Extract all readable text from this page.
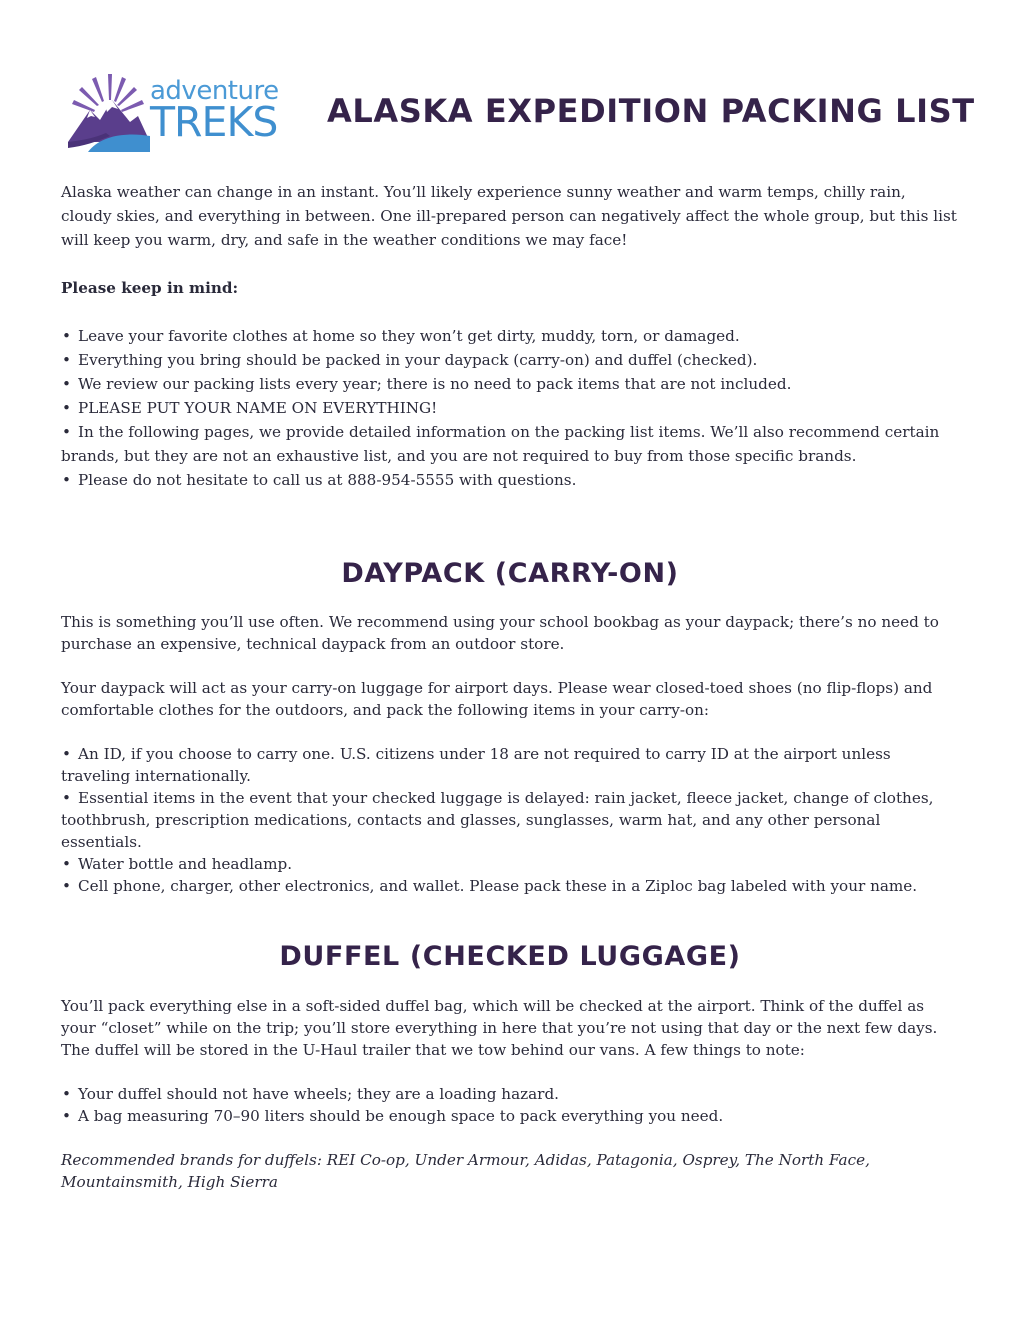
adventure
TREKS ALASKA EXPEDITION PACKING LIST
Alaska weather can change in an instant. You’ll likely experience sunny weather and warm temps, chilly rain, cloudy skies, and everything in between. One ill-prepared person can negatively affect the whole group, but this list will keep you warm, dry, and safe in the weather conditions we may face!
Please keep in mind:
• Leave your favorite clothes at home so they won’t get dirty, muddy, torn, or damaged.
• Everything you bring should be packed in your daypack (carry-on) and duffel (checked).
• We review our packing lists every year; there is no need to pack items that are not included.
• PLEASE PUT YOUR NAME ON EVERYTHING!
• In the following pages, we provide detailed information on the packing list items. We’ll also recommend certain brands, but they are not an exhaustive list, and you are not required to buy from those specific brands.
• Please do not hesitate to call us at 888-954-5555 with questions.
DAYPACK (CARRY-ON)
This is something you’ll use often. We recommend using your school bookbag as your daypack; there’s no need to purchase an expensive, technical daypack from an outdoor store.
Your daypack will act as your carry-on luggage for airport days. Please wear closed-toed shoes (no flip-flops) and comfortable clothes for the outdoors, and pack the following items in your carry-on:
• An ID, if you choose to carry one. U.S. citizens under 18 are not required to carry ID at the airport unless traveling internationally.
• Essential items in the event that your checked luggage is delayed: rain jacket, fleece jacket, change of clothes, toothbrush, prescription medications, contacts and glasses, sunglasses, warm hat, and any other personal essentials.
• Water bottle and headlamp.
• Cell phone, charger, other electronics, and wallet. Please pack these in a Ziploc bag labeled with your name.
DUFFEL (CHECKED LUGGAGE)
You’ll pack everything else in a soft-sided duffel bag, which will be checked at the airport. Think of the duffel as your “closet” while on the trip; you’ll store everything in here that you’re not using that day or the next few days. The duffel will be stored in the U-Haul trailer that we tow behind our vans. A few things to note:
• Your duffel should not have wheels; they are a loading hazard.
• A bag measuring 70–90 liters should be enough space to pack everything you need.
Recommended brands for duffels: REI Co-op, Under Armour, Adidas, Patagonia, Osprey, The North Face, Mountainsmith, High Sierra
